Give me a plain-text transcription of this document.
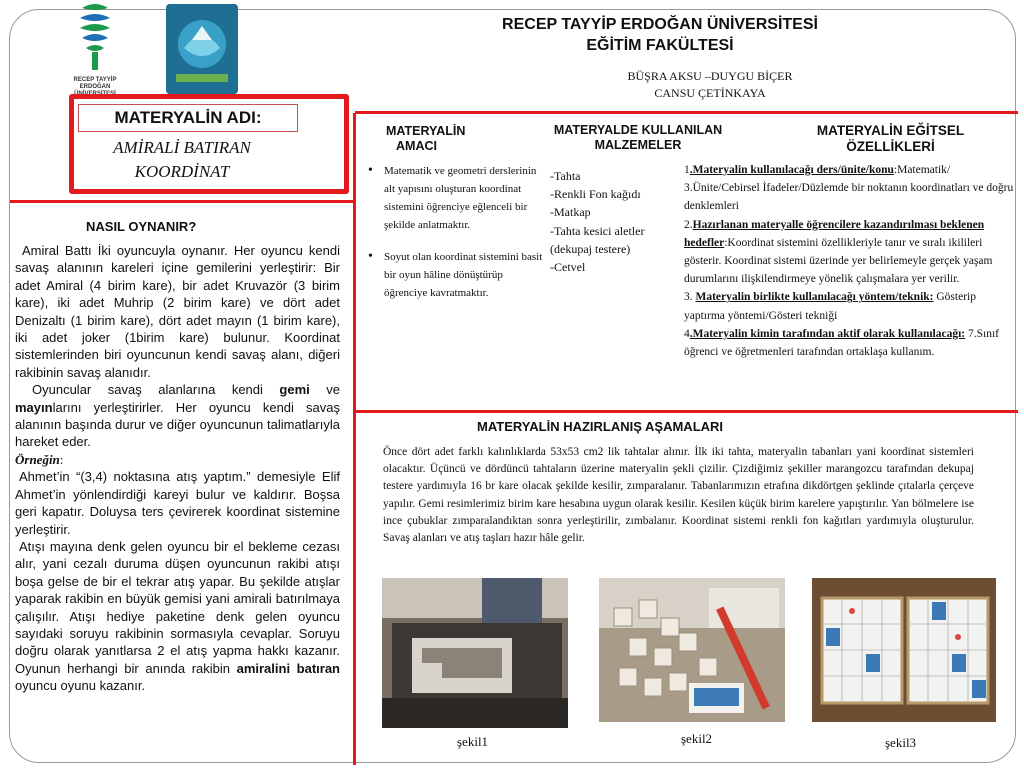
RECEP TAYYİP
ERDOĞAN
ÜNİVERSİTESİ
RECEP TAYYİP ERDOĞAN ÜNİVERSİTESİ
EĞİTİM FAKÜLTESİ
BÜŞRA AKSU –DUYGU BİÇER
CANSU ÇETİNKAYA
MATERYALİN ADI:
AMİRALİ BATIRAN
KOORDİNAT
NASIL OYNANIR?
Amiral Battı İki oyuncuyla oynanır. Her oyuncu kendi savaş alanının kareleri içine gemilerini yerleştirir: Bir adet Amiral (4 birim kare), bir adet Kruvazör (3 birim kare), iki adet Muhrip (2 birim kare) ve dört adet Denizaltı (1 birim kare), dört adet mayın (1 birim kare), iki adet joker (1birim kare) bulunur. Koordinat sistemlerinden biri oyuncunun kendi savaş alanı, diğeri rakibinin savaş alanıdır.
Oyuncular savaş alanlarına kendi gemi ve mayınlarını yerleştirirler. Her oyuncu kendi savaş alanının başında durur ve diğer oyuncunun talimatlarıyla hareket eder.
Örneğin:
Ahmet’in “(3,4) noktasına atış yaptım.” demesiyle Elif Ahmet’in yönlendirdiği kareyi bulur ve kaldırır. Boşsa geri kapatır. Doluysa ters çevirerek koordinat sistemine yerleştirir.
Atışı mayına denk gelen oyuncu bir el bekleme cezası alır, yani cezalı duruma düşen oyuncunun rakibi atışı boşa gelse de bir el tekrar atış yapar. Bu şekilde atışlar yaparak rakibin en büyük gemisi yani amirali batırılmaya çalışılır. Atışı hediye paketine denk gelen oyuncu sayıdaki soruyu rakibinin sormasıyla cevaplar. Soruyu doğru olarak yanıtlarsa 2 el atış yapma hakkı kazanır. Oyunun herhangi bir anında rakibin amiralini batıran oyuncu oyunu kazanır.
MATERYALİN
AMACI
• Matematik ve geometri derslerinin alt yapısını oluşturan koordinat sistemini öğrenciye eğlenceli bir şekilde anlatmaktır.
• Soyut olan koordinat sistemini basit bir oyun hâline dönüştürüp öğrenciye kavratmaktır.
MATERYALDE KULLANILAN
MALZEMELER
-Tahta
-Renkli Fon kağıdı
-Matkap
-Tahta kesici aletler
(dekupaj testere)
-Cetvel
MATERYALİN EĞİTSEL
ÖZELLİKLERİ
1.Materyalin kullanılacağı ders/ünite/konu:Matematik/ 3.Ünite/Cebirsel İfadeler/Düzlemde bir noktanın koordinatları ve doğru denklemleri
2.Hazırlanan materyalle öğrencilere kazandırılması beklenen hedefler:Koordinat sistemini özellikleriyle tanır ve sıralı ikilileri gösterir. Koordinat sistemi üzerinde yer belirlemeyle gerçek yaşam durumlarını ilişkilendirmeye yönelik çalışmalara yer verilir.
3. Materyalin birlikte kullanılacağı yöntem/teknik: Gösterip yaptırma yöntemi/Gösteri tekniği
4.Materyalin kimin tarafından aktif olarak kullanılacağı: 7.Sınıf öğrenci ve öğretmenleri tarafından ortaklaşa kullanım.
MATERYALİN HAZIRLANIŞ AŞAMALARI
Önce dört adet farklı kalınlıklarda 53x53 cm2 lik tahtalar alınır. İlk iki tahta, materyalin tabanları yani koordinat sistemleri olacaktır. Üçüncü ve dördüncü tahtaların üzerine materyalin şekli çizilir. Çizdiğimiz şekiller marangozcu tarafından dekupaj testere yardımıyla 16 br kare olacak şekilde kesilir, zımparalanır. Tabanlarımızın etrafına dikdörtgen şeklinde çıtalarla çerçeve yapılır. Gemi resimlerimiz birim kare hesabına uygun olarak kesilir. Kesilen küçük birim karelere yapıştırılır. Yan bölmelere ise ince çubuklar zımparalandıktan sonra yerleştirilir, zımbalanır. Koordinat sistemi renkli fon kağıtları yardımıyla oluşturulur. Savaş alanları ve atış taşları hazır hâle gelir.
şekil1	şekil2	şekil3
